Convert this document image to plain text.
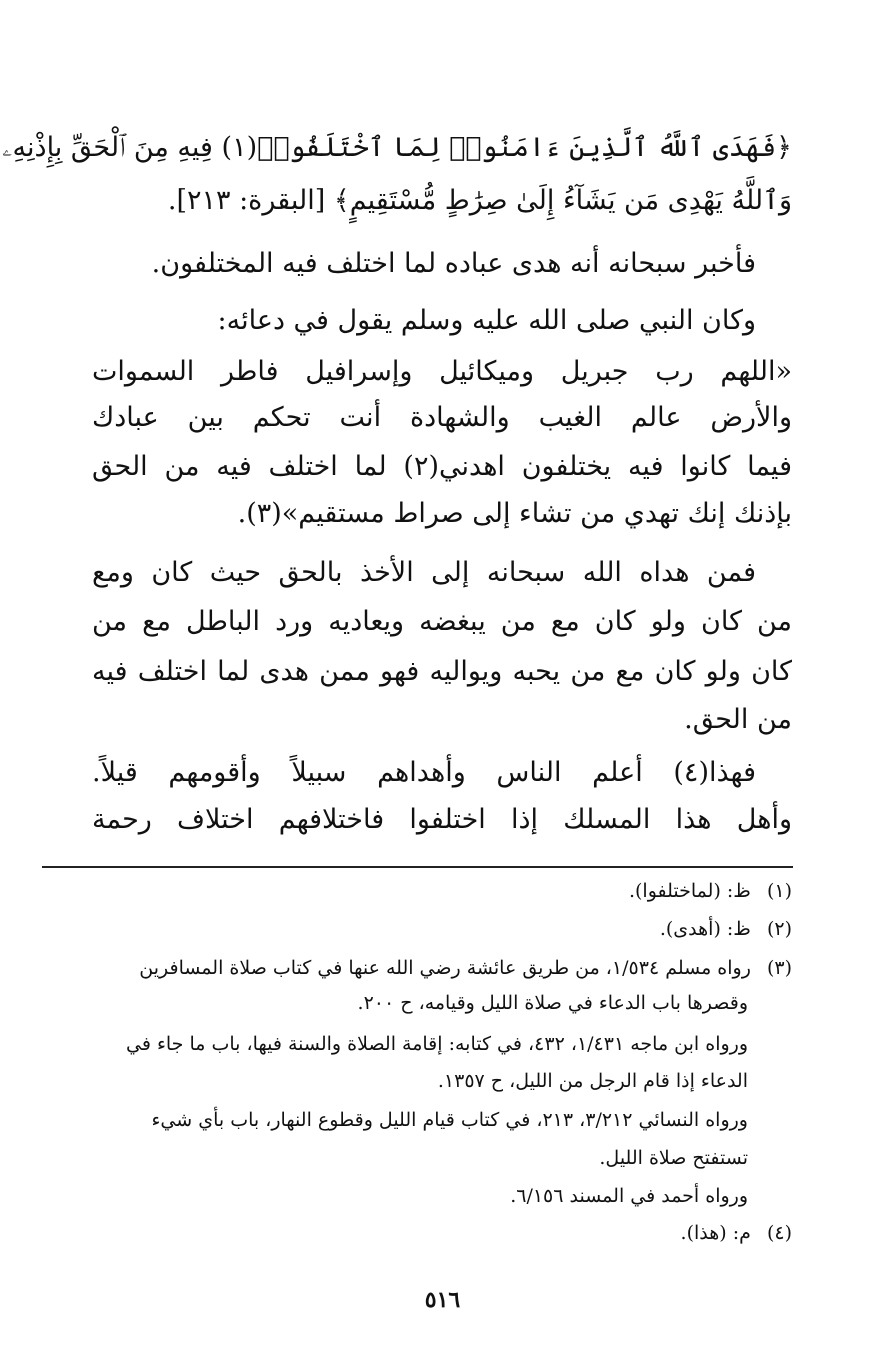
﴿فَهَدَى ٱللَّهُ ٱلَّذِينَ ءَامَنُوا۟ لِمَا ٱخْتَلَفُوا۟(١) فِيهِ مِنَ ٱلْحَقِّ بِإِذْنِهِۦ
وَٱللَّهُ يَهْدِى مَن يَشَآءُ إِلَىٰ صِرَٰطٍ مُّسْتَقِيمٍ﴾ [البقرة: ٢١٣].
فأخبر سبحانه أنه هدى عباده لما اختلف فيه المختلفون.
وكان النبي صلى الله عليه وسلم يقول في دعائه:
«اللهم رب جبريل وميكائيل وإسرافيل فاطر السموات
والأرض عالم الغيب والشهادة أنت تحكم بين عبادك
فيما كانوا فيه يختلفون اهدني(٢) لما اختلف فيه من الحق
بإذنك إنك تهدي من تشاء إلى صراط مستقيم»(٣).
فمن هداه الله سبحانه إلى الأخذ بالحق حيث كان ومع
من كان ولو كان مع من يبغضه ويعاديه ورد الباطل مع من
كان ولو كان مع من يحبه ويواليه فهو ممن هدى لما اختلف فيه
من الحق.
فهذا(٤) أعلم الناس وأهداهم سبيلاً وأقومهم قيلاً.
وأهل هذا المسلك إذا اختلفوا فاختلافهم اختلاف رحمة
(١) ظ: (لماختلفوا).
(٢) ظ: (أهدى).
(٣) رواه مسلم ١/٥٣٤، من طريق عائشة رضي الله عنها في كتاب صلاة المسافرين
وقصرها باب الدعاء في صلاة الليل وقيامه، ح ٢٠٠.
ورواه ابن ماجه ١/٤٣١، ٤٣٢، في كتابه: إقامة الصلاة والسنة فيها، باب ما جاء في
الدعاء إذا قام الرجل من الليل، ح ١٣٥٧.
ورواه النسائي ٣/٢١٢، ٢١٣، في كتاب قيام الليل وقطوع النهار، باب بأي شيء
تستفتح صلاة الليل.
ورواه أحمد في المسند ٦/١٥٦.
(٤) م: (هذا).
٥١٦
